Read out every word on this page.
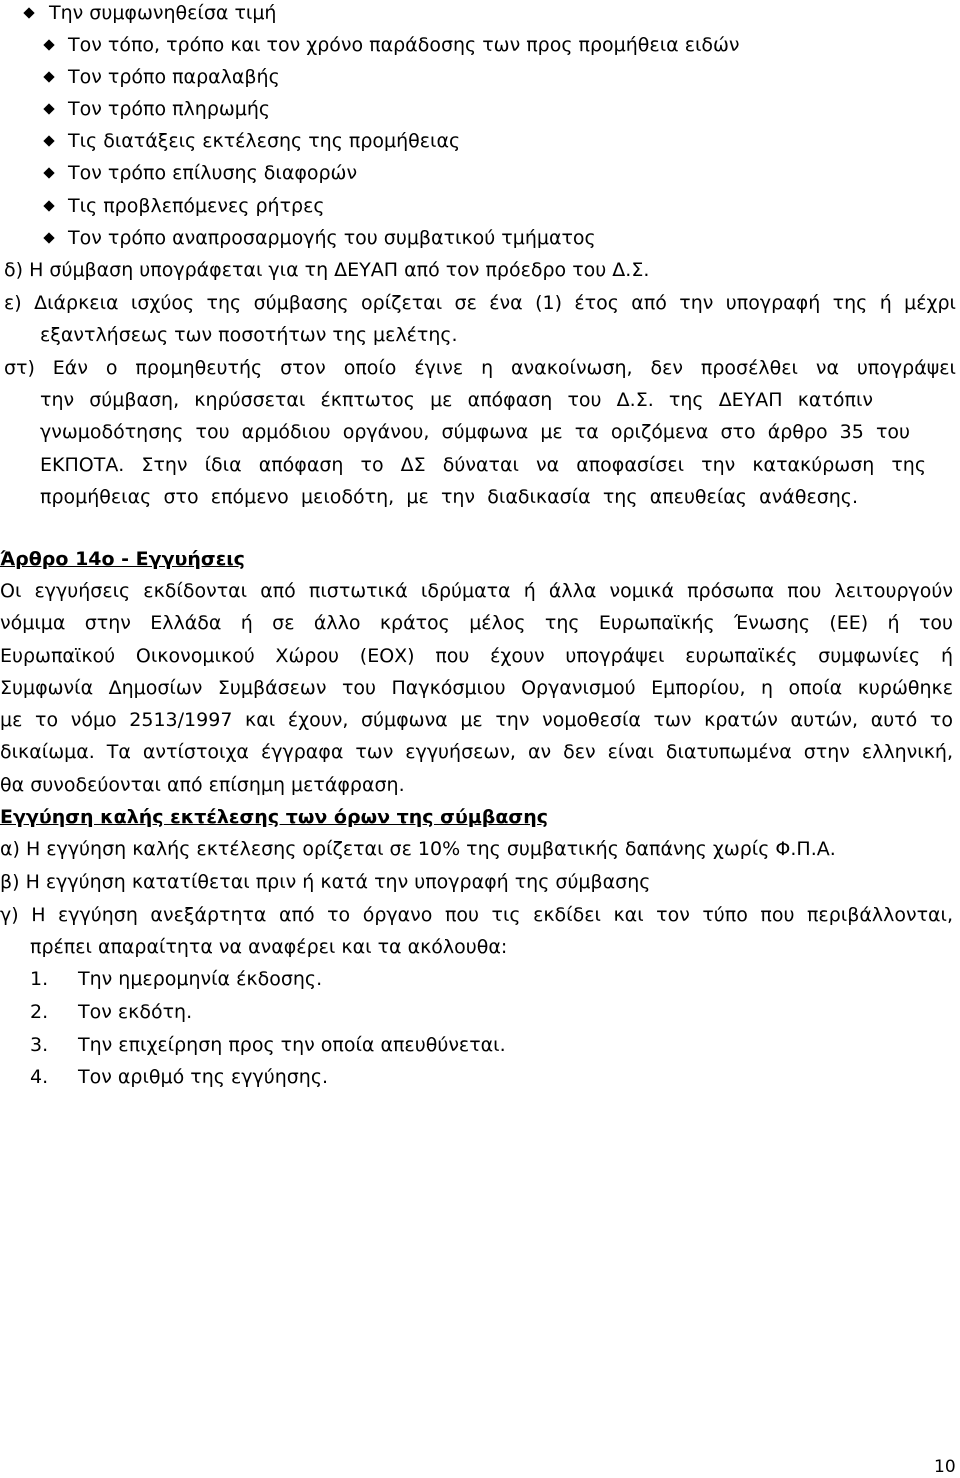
Την συμφωνηθείσα τιμή
Τον τόπο, τρόπο και τον χρόνο παράδοσης των προς προμήθεια ειδών
Τον τρόπο παραλαβής
Τον τρόπο πληρωμής
Τις διατάξεις εκτέλεσης της προμήθειας
Τον τρόπο επίλυσης διαφορών
Τις προβλεπόμενες ρήτρες
Τον τρόπο αναπροσαρμογής του συμβατικού τμήματος
δ) Η σύμβαση υπογράφεται για τη ΔΕΥΑΠ από τον πρόεδρο του Δ.Σ.
ε) Διάρκεια ισχύος της σύμβασης ορίζεται σε ένα (1) έτος από την υπογραφή της ή μέχρι
εξαντλήσεως των ποσοτήτων της μελέτης.
στ) Εάν ο προμηθευτής στον οποίο έγινε η ανακοίνωση, δεν προσέλθει να υπογράψει
την σύμβαση, κηρύσσεται έκπτωτος με απόφαση του Δ.Σ. της ΔΕΥΑΠ κατόπιν
γνωμοδότησης του αρμόδιου οργάνου, σύμφωνα με τα οριζόμενα στο άρθρο 35 του
ΕΚΠΟΤΑ. Στην ίδια απόφαση το ΔΣ δύναται να αποφασίσει την κατακύρωση της
προμήθειας στο επόμενο μειοδότη, με την διαδικασία της απευθείας ανάθεσης.
Άρθρο 14ο - Εγγυήσεις
Οι εγγυήσεις εκδίδονται από πιστωτικά ιδρύματα ή άλλα νομικά πρόσωπα που λειτουργούν
νόμιμα στην Ελλάδα ή σε άλλο κράτος μέλος της Ευρωπαϊκής Ένωσης (ΕΕ) ή του
Ευρωπαϊκού Οικονομικού Χώρου (ΕΟΧ) που έχουν υπογράψει ευρωπαϊκές συμφωνίες ή
Συμφωνία Δημοσίων Συμβάσεων του Παγκόσμιου Οργανισμού Εμπορίου, η οποία κυρώθηκε
με το νόμο 2513/1997 και έχουν, σύμφωνα με την νομοθεσία των κρατών αυτών, αυτό το
δικαίωμα. Τα αντίστοιχα έγγραφα των εγγυήσεων, αν δεν είναι διατυπωμένα στην ελληνική,
θα συνοδεύονται από επίσημη μετάφραση.
Εγγύηση καλής εκτέλεσης των όρων της σύμβασης
α) Η εγγύηση καλής εκτέλεσης ορίζεται σε 10% της συμβατικής δαπάνης χωρίς Φ.Π.Α.
β) Η εγγύηση κατατίθεται πριν ή κατά την υπογραφή της σύμβασης
γ) Η εγγύηση ανεξάρτητα από το όργανο που τις εκδίδει και τον τύπο που περιβάλλονται,
πρέπει απαραίτητα να αναφέρει και τα ακόλουθα:
1. Την ημερομηνία έκδοσης.
2. Τον εκδότη.
3. Την επιχείρηση προς την οποία απευθύνεται.
4. Τον αριθμό της εγγύησης.
10
